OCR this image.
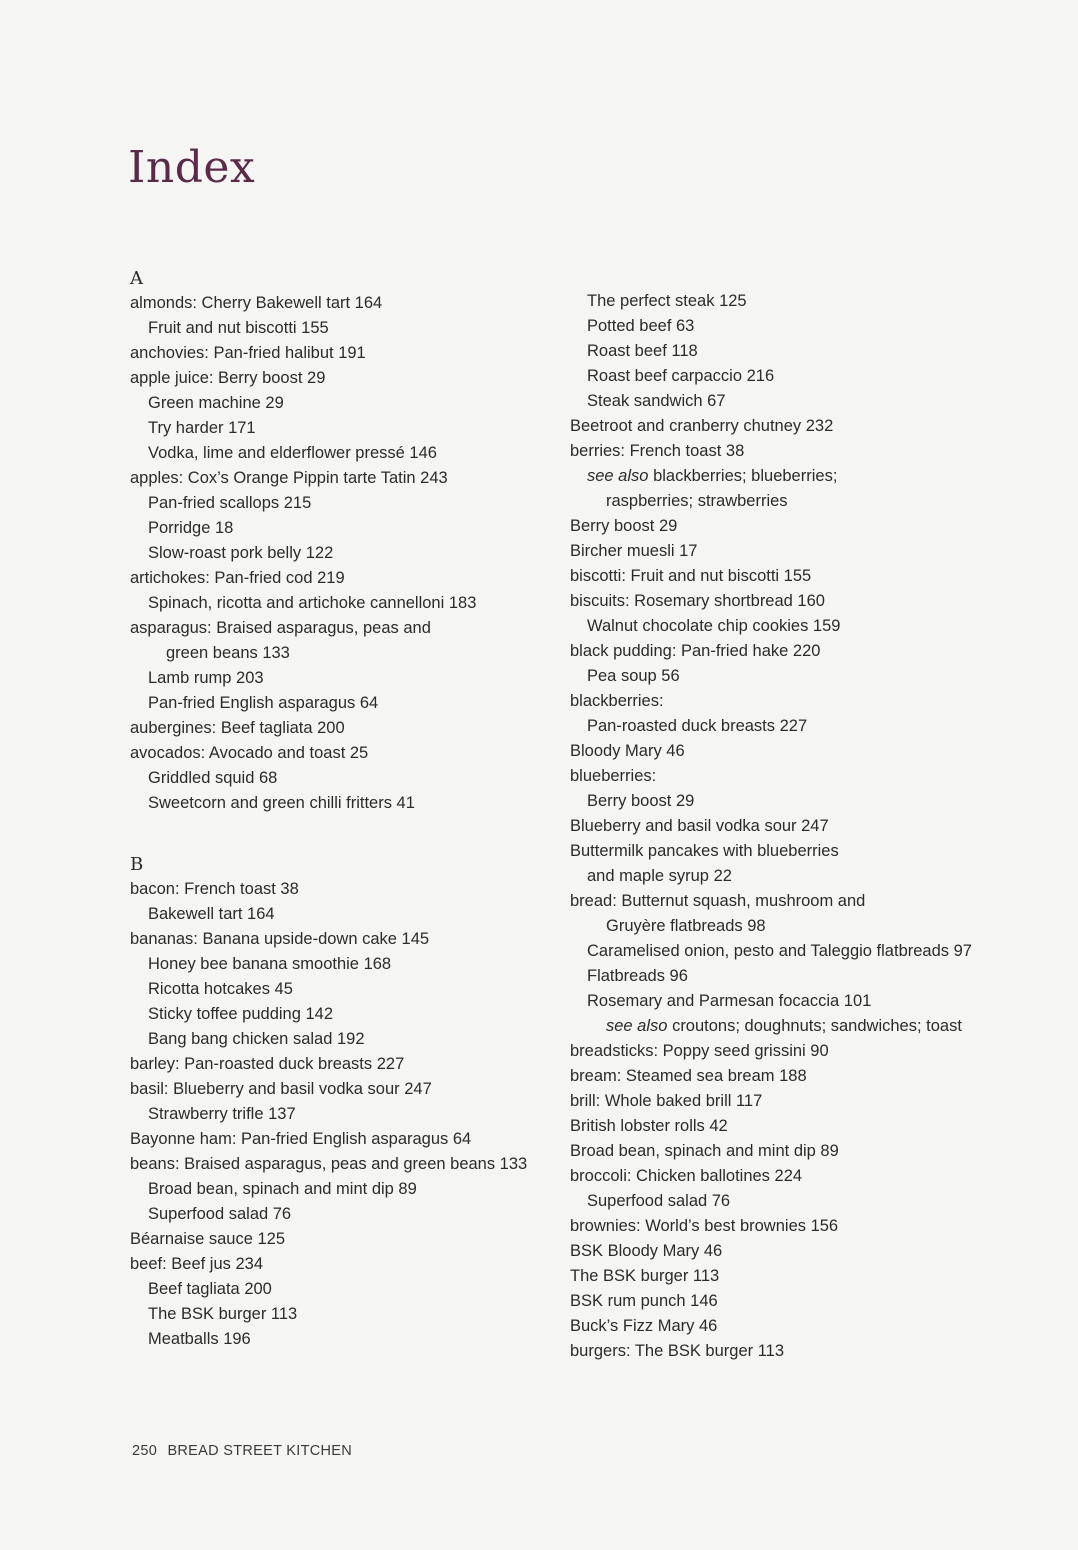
Index
A
almonds: Cherry Bakewell tart 164
Fruit and nut biscotti 155
anchovies: Pan-fried halibut 191
apple juice: Berry boost 29
Green machine 29
Try harder 171
Vodka, lime and elderflower pressé 146
apples: Cox’s Orange Pippin tarte Tatin 243
Pan-fried scallops 215
Porridge 18
Slow-roast pork belly 122
artichokes: Pan-fried cod 219
Spinach, ricotta and artichoke cannelloni 183
asparagus: Braised asparagus, peas and
green beans 133
Lamb rump 203
Pan-fried English asparagus 64
aubergines: Beef tagliata 200
avocados: Avocado and toast 25
Griddled squid 68
Sweetcorn and green chilli fritters 41
B
bacon: French toast 38
Bakewell tart 164
bananas: Banana upside-down cake 145
Honey bee banana smoothie 168
Ricotta hotcakes 45
Sticky toffee pudding 142
Bang bang chicken salad 192
barley: Pan-roasted duck breasts 227
basil: Blueberry and basil vodka sour 247
Strawberry trifle 137
Bayonne ham: Pan-fried English asparagus 64
beans: Braised asparagus, peas and green beans 133
Broad bean, spinach and mint dip 89
Superfood salad 76
Béarnaise sauce 125
beef: Beef jus 234
Beef tagliata 200
The BSK burger 113
Meatballs 196
The perfect steak 125
Potted beef 63
Roast beef 118
Roast beef carpaccio 216
Steak sandwich 67
Beetroot and cranberry chutney 232
berries: French toast 38
see also blackberries; blueberries;
raspberries; strawberries
Berry boost 29
Bircher muesli 17
biscotti: Fruit and nut biscotti 155
biscuits: Rosemary shortbread 160
Walnut chocolate chip cookies 159
black pudding: Pan-fried hake 220
Pea soup 56
blackberries:
Pan-roasted duck breasts 227
Bloody Mary 46
blueberries:
Berry boost 29
Blueberry and basil vodka sour 247
Buttermilk pancakes with blueberries
and maple syrup 22
bread: Butternut squash, mushroom and
Gruyère flatbreads 98
Caramelised onion, pesto and Taleggio flatbreads 97
Flatbreads 96
Rosemary and Parmesan focaccia 101
see also croutons; doughnuts; sandwiches; toast
breadsticks: Poppy seed grissini 90
bream: Steamed sea bream 188
brill: Whole baked brill 117
British lobster rolls 42
Broad bean, spinach and mint dip 89
broccoli: Chicken ballotines 224
Superfood salad 76
brownies: World’s best brownies 156
BSK Bloody Mary 46
The BSK burger 113
BSK rum punch 146
Buck’s Fizz Mary 46
burgers: The BSK burger 113
250 BREAD STREET KITCHEN
